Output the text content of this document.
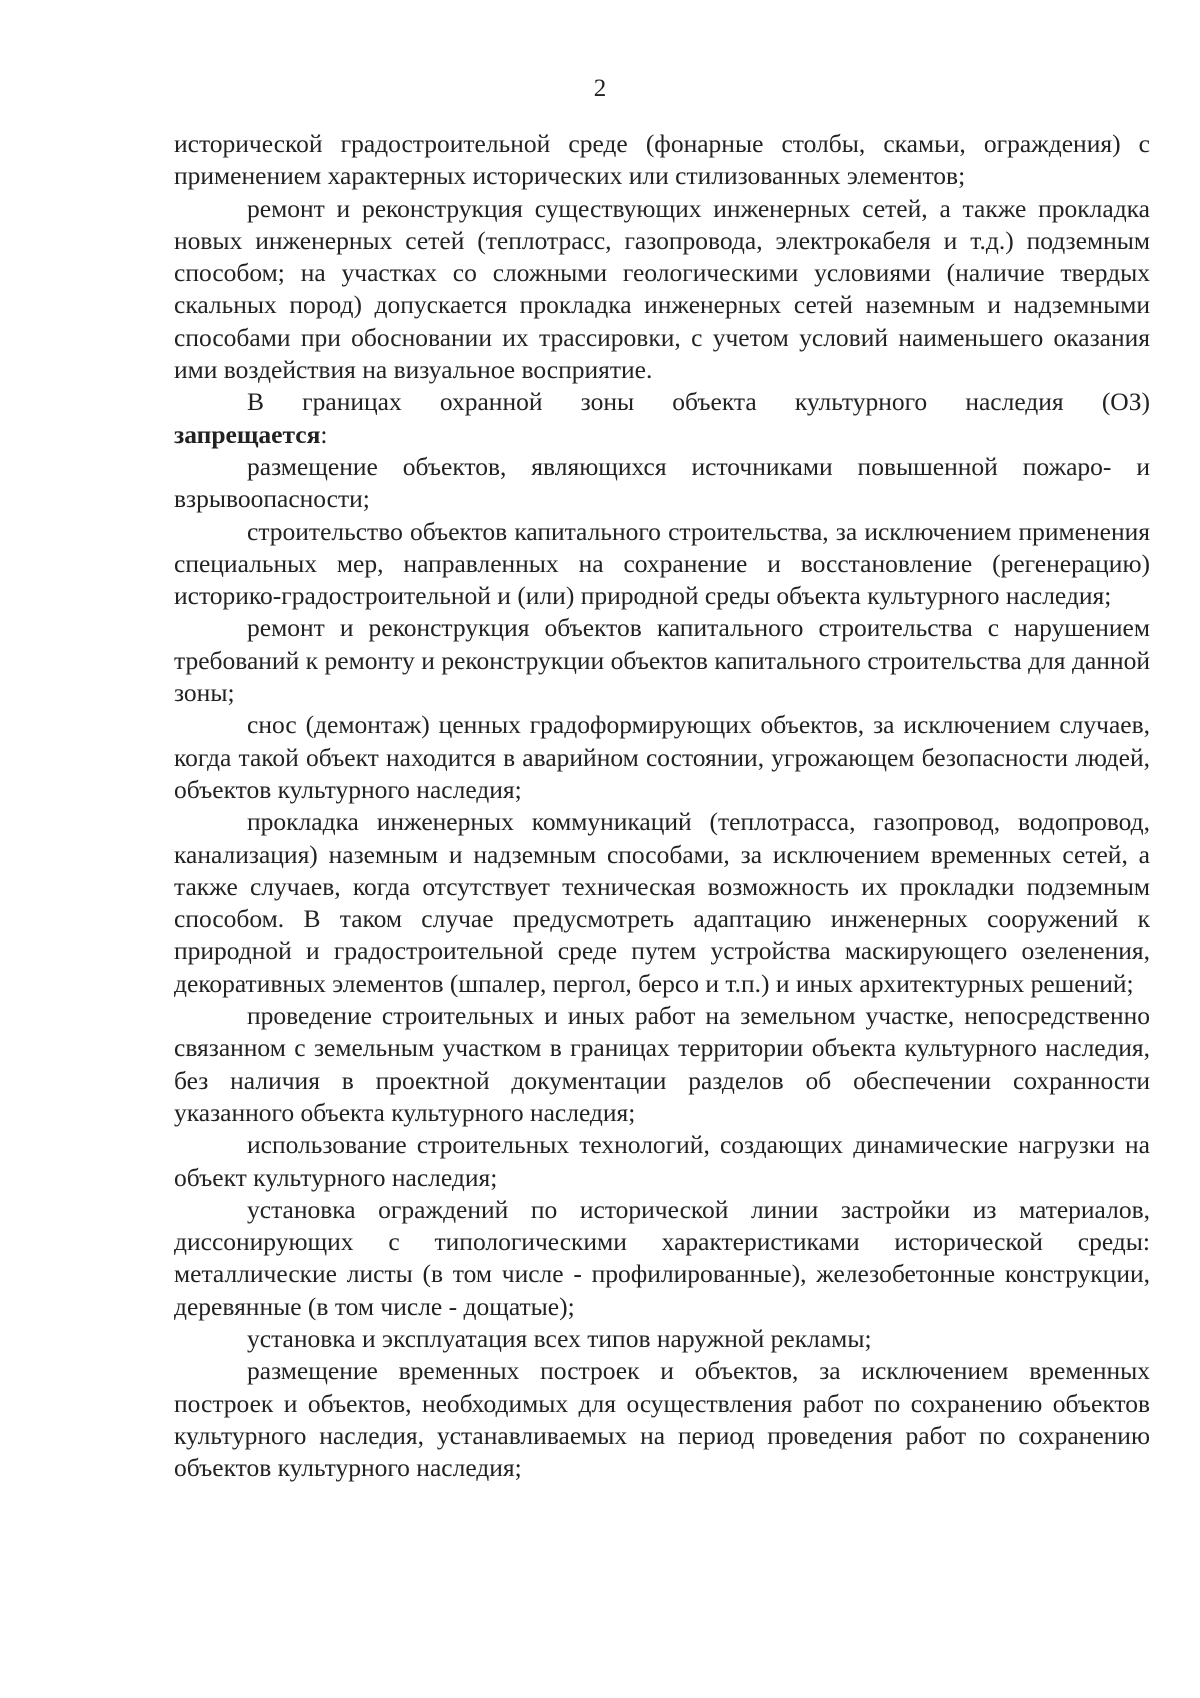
2

исторической градостроительной среде (фонарные столбы, скамьи, ограждения) с применением характерных исторических или стилизованных элементов;

ремонт и реконструкция существующих инженерных сетей, а также прокладка новых инженерных сетей (теплотрасс, газопровода, электрокабеля и т.д.) подземным способом; на участках со сложными геологическими условиями (наличие твердых скальных пород) допускается прокладка инженерных сетей наземным и надземными способами при обосновании их трассировки, с учетом условий наименьшего оказания ими воздействия на визуальное восприятие.

В границах охранной зоны объекта культурного наследия (ОЗ)

запрещается:

размещение объектов, являющихся источниками повышенной пожаро- и взрывоопасности;

строительство объектов капитального строительства, за исключением применения специальных мер, направленных на сохранение и восстановление (регенерацию) историко-градостроительной и (или) природной среды объекта культурного наследия;

ремонт и реконструкция объектов капитального строительства с нарушением требований к ремонту и реконструкции объектов капитального строительства для данной зоны;

снос (демонтаж) ценных градоформирующих объектов, за исключением случаев, когда такой объект находится в аварийном состоянии, угрожающем безопасности людей, объектов культурного наследия;

прокладка инженерных коммуникаций (теплотрасса, газопровод, водопровод, канализация) наземным и надземным способами, за исключением временных сетей, а также случаев, когда отсутствует техническая возможность их прокладки подземным способом. В таком случае предусмотреть адаптацию инженерных сооружений к природной и градостроительной среде путем устройства маскирующего озеленения, декоративных элементов (шпалер, пергол, берсо и т.п.) и иных архитектурных решений;

проведение строительных и иных работ на земельном участке, непосредственно связанном с земельным участком в границах территории объекта культурного наследия, без наличия в проектной документации разделов об обеспечении сохранности указанного объекта культурного наследия;

использование строительных технологий, создающих динамические нагрузки на объект культурного наследия;

установка ограждений по исторической линии застройки из материалов, диссонирующих с типологическими характеристиками исторической среды: металлические листы (в том числе - профилированные), железобетонные конструкции, деревянные (в том числе - дощатые);

установка и эксплуатация всех типов наружной рекламы;

размещение временных построек и объектов, за исключением временных построек и объектов, необходимых для осуществления работ по сохранению объектов культурного наследия, устанавливаемых на период проведения работ по сохранению объектов культурного наследия;
